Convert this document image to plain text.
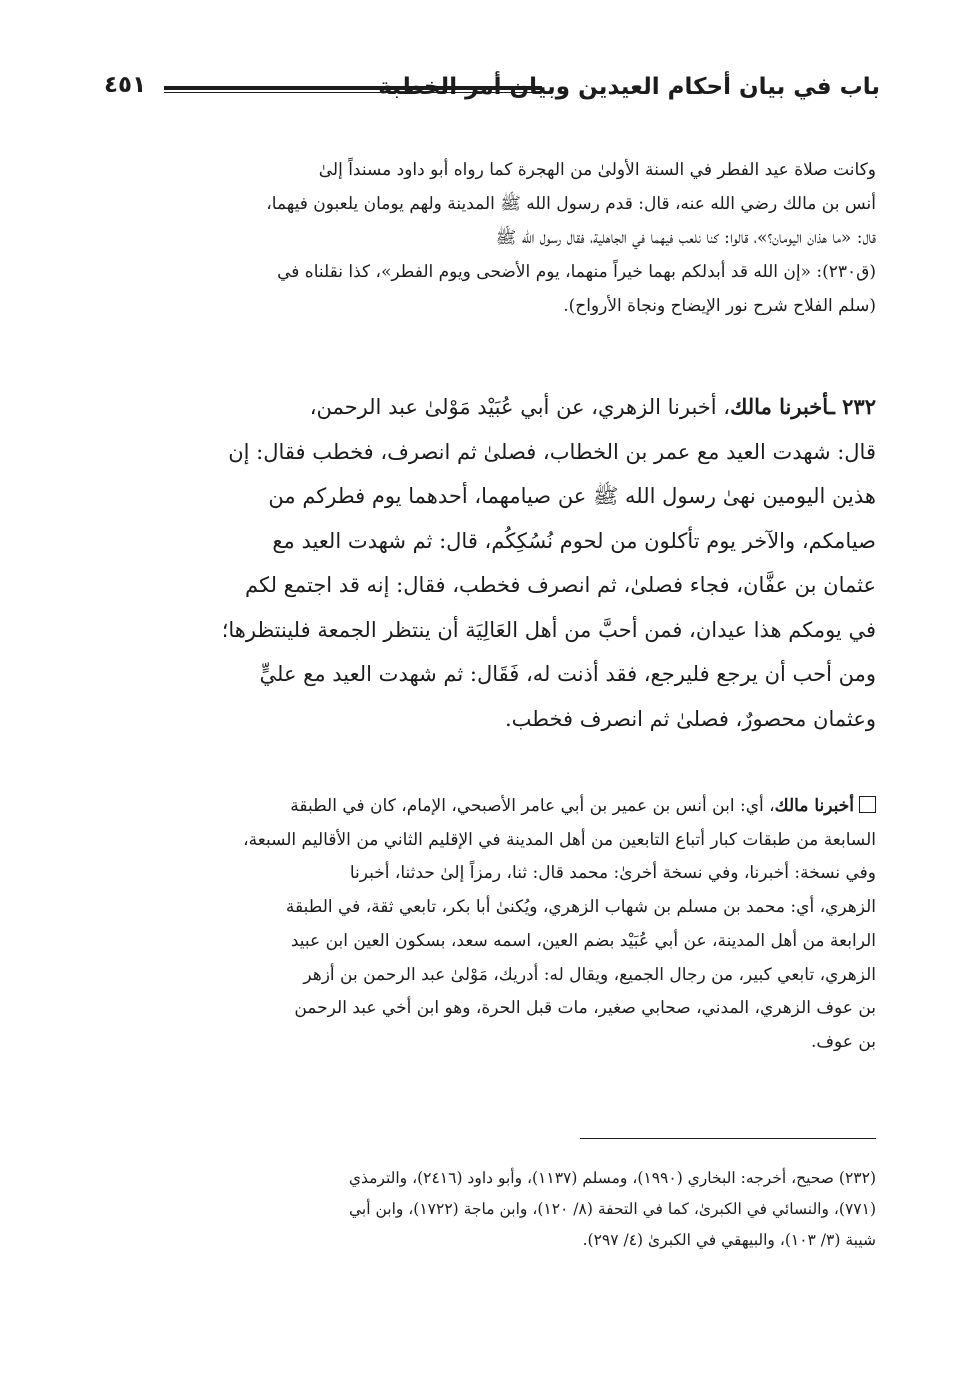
باب في بيان أحكام العيدين وبيان أمر الخطبة
٤٥١

وكانت صلاة عيد الفطر في السنة الأولىٰ من الهجرة كما رواه أبو داود مسنداً إلىٰ
أنس بن مالك رضي الله عنه، قال: قدم رسول الله ﷺ المدينة ولهم يومان يلعبون فيهما،
قال: «ما هذان اليومان؟»، قالوا: كنا نلعب فيهما في الجاهلية، فقال رسول الله ﷺ
(ق٢٣٠): «إن الله قد أبدلكم بهما خيراً منهما، يوم الأضحى ويوم الفطر»، كذا نقلناه في
(سلم الفلاح شرح نور الإيضاح ونجاة الأرواح).

٢٣٢ ـأخبرنا مالك، أخبرنا الزهري، عن أبي عُبَيْد مَوْلىٰ عبد الرحمن،
قال: شهدت العيد مع عمر بن الخطاب، فصلىٰ ثم انصرف، فخطب فقال: إن
هذين اليومين نهىٰ رسول الله ﷺ عن صيامهما، أحدهما يوم فطركم من
صيامكم، والآخر يوم تأكلون من لحوم نُسُكِكُم، قال: ثم شهدت العيد مع
عثمان بن عفَّان، فجاء فصلىٰ، ثم انصرف فخطب، فقال: إنه قد اجتمع لكم
في يومكم هذا عيدان، فمن أحبَّ من أهل العَالِيَة أن ينتظر الجمعة فلينتظرها؛
ومن أحب أن يرجع فليرجع، فقد أذنت له، فَقَال: ثم شهدت العيد مع عليٍّ
وعثمان محصورٌ، فصلىٰ ثم انصرف فخطب.

أخبرنا مالك، أي: ابن أنس بن عمير بن أبي عامر الأصبحي، الإمام، كان في الطبقة
السابعة من طبقات كبار أتباع التابعين من أهل المدينة في الإقليم الثاني من الأقاليم السبعة،
وفي نسخة: أخبرنا، وفي نسخة أخرىٰ: محمد قال: ثنا، رمزاً إلىٰ حدثنا، أخبرنا
الزهري، أي: محمد بن مسلم بن شهاب الزهري، ويُكنىٰ أبا بكر، تابعي ثقة، في الطبقة
الرابعة من أهل المدينة، عن أبي عُبَيْد بضم العين، اسمه سعد، بسكون العين ابن عبيد
الزهري، تابعي كبير، من رجال الجميع، ويقال له: أدريك، مَوْلىٰ عبد الرحمن بن أزهر
بن عوف الزهري، المدني، صحابي صغير، مات قبل الحرة، وهو ابن أخي عبد الرحمن
بن عوف.

(٢٣٢) صحيح، أخرجه: البخاري (١٩٩٠)، ومسلم (١١٣٧)، وأبو داود (٢٤١٦)، والترمذي
(٧٧١)، والنسائي في الكبرىٰ، كما في التحفة (٨/ ١٢٠)، وابن ماجة (١٧٢٢)، وابن أبي
شيبة (٣/ ١٠٣)، والبيهقي في الكبرىٰ (٤/ ٢٩٧).
